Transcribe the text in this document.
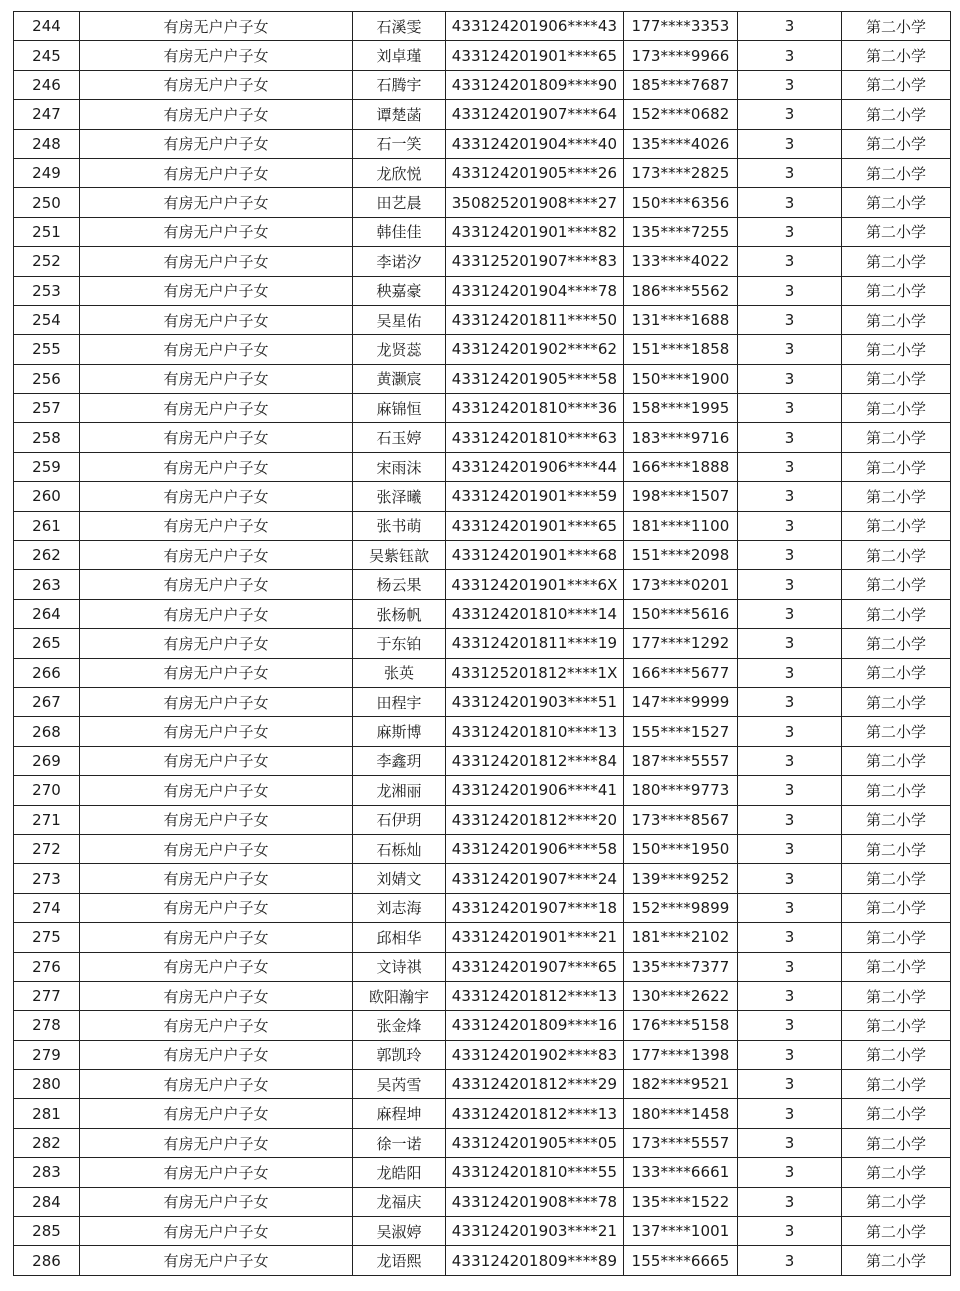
244	有房无户户子女	石溪雯	433124201906****43	177****3353	3	第二小学
245	有房无户户子女	刘卓瑾	433124201901****65	173****9966	3	第二小学
246	有房无户户子女	石腾宇	433124201809****90	185****7687	3	第二小学
247	有房无户户子女	谭楚菡	433124201907****64	152****0682	3	第二小学
248	有房无户户子女	石一笑	433124201904****40	135****4026	3	第二小学
249	有房无户户子女	龙欣悦	433124201905****26	173****2825	3	第二小学
250	有房无户户子女	田艺晨	350825201908****27	150****6356	3	第二小学
251	有房无户户子女	韩佳佳	433124201901****82	135****7255	3	第二小学
252	有房无户户子女	李诺汐	433125201907****83	133****4022	3	第二小学
253	有房无户户子女	秧嘉豪	433124201904****78	186****5562	3	第二小学
254	有房无户户子女	吴星佑	433124201811****50	131****1688	3	第二小学
255	有房无户户子女	龙贤蕊	433124201902****62	151****1858	3	第二小学
256	有房无户户子女	黄灏宸	433124201905****58	150****1900	3	第二小学
257	有房无户户子女	麻锦恒	433124201810****36	158****1995	3	第二小学
258	有房无户户子女	石玉婷	433124201810****63	183****9716	3	第二小学
259	有房无户户子女	宋雨沫	433124201906****44	166****1888	3	第二小学
260	有房无户户子女	张泽曦	433124201901****59	198****1507	3	第二小学
261	有房无户户子女	张书萌	433124201901****65	181****1100	3	第二小学
262	有房无户户子女	吴紫钰歆	433124201901****68	151****2098	3	第二小学
263	有房无户户子女	杨云果	433124201901****6X	173****0201	3	第二小学
264	有房无户户子女	张杨帆	433124201810****14	150****5616	3	第二小学
265	有房无户户子女	于东铂	433124201811****19	177****1292	3	第二小学
266	有房无户户子女	张英	433125201812****1X	166****5677	3	第二小学
267	有房无户户子女	田程宇	433124201903****51	147****9999	3	第二小学
268	有房无户户子女	麻斯博	433124201810****13	155****1527	3	第二小学
269	有房无户户子女	李鑫玥	433124201812****84	187****5557	3	第二小学
270	有房无户户子女	龙湘丽	433124201906****41	180****9773	3	第二小学
271	有房无户户子女	石伊玥	433124201812****20	173****8567	3	第二小学
272	有房无户户子女	石栎灿	433124201906****58	150****1950	3	第二小学
273	有房无户户子女	刘婧文	433124201907****24	139****9252	3	第二小学
274	有房无户户子女	刘志海	433124201907****18	152****9899	3	第二小学
275	有房无户户子女	邱相华	433124201901****21	181****2102	3	第二小学
276	有房无户户子女	文诗祺	433124201907****65	135****7377	3	第二小学
277	有房无户户子女	欧阳瀚宇	433124201812****13	130****2622	3	第二小学
278	有房无户户子女	张金烽	433124201809****16	176****5158	3	第二小学
279	有房无户户子女	郭凯玲	433124201902****83	177****1398	3	第二小学
280	有房无户户子女	吴芮雪	433124201812****29	182****9521	3	第二小学
281	有房无户户子女	麻程坤	433124201812****13	180****1458	3	第二小学
282	有房无户户子女	徐一诺	433124201905****05	173****5557	3	第二小学
283	有房无户户子女	龙皓阳	433124201810****55	133****6661	3	第二小学
284	有房无户户子女	龙福庆	433124201908****78	135****1522	3	第二小学
285	有房无户户子女	吴淑婷	433124201903****21	137****1001	3	第二小学
286	有房无户户子女	龙语熙	433124201809****89	155****6665	3	第二小学
